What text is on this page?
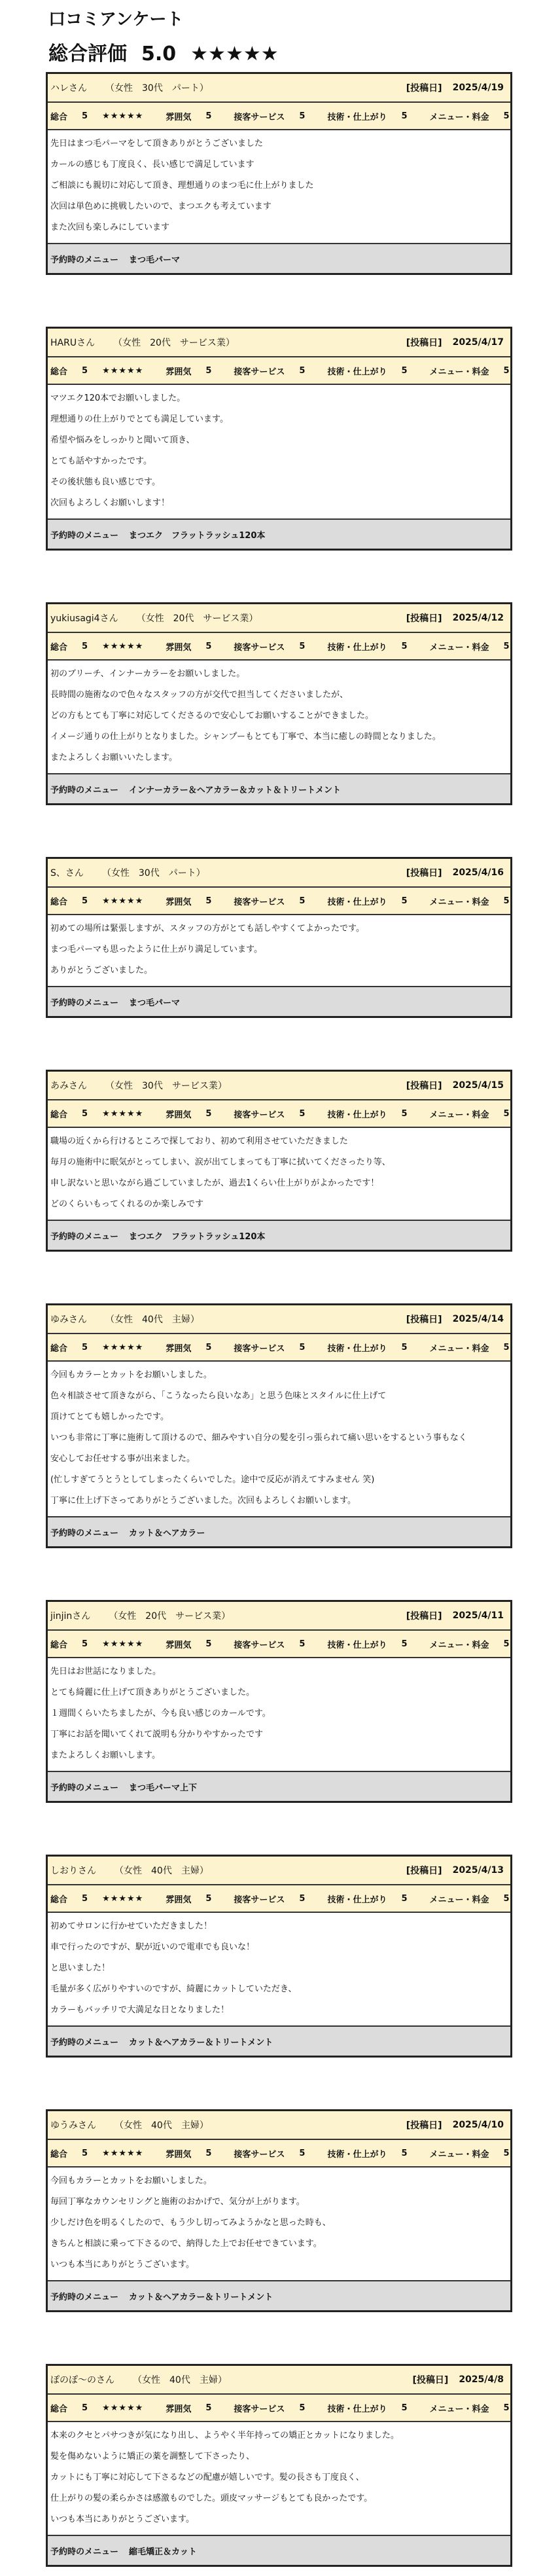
口コミアンケート
総合評価 5.0 ★★★★★
ハレさん （女性　30代　パート）	[投稿日] 2025/4/19
総合 5 ★★★★★	雰囲気 5	接客サービス 5	技術・仕上がり 5	メニュー・料金 5
先日はまつ毛パーマをして頂きありがとうございました
カールの感じも丁度良く、長い感じで満足しています
ご相談にも親切に対応して頂き、理想通りのまつ毛に仕上がりました
次回は単色めに挑戦したいので、まつエクも考えています
また次回も楽しみにしています
予約時のメニュー まつ毛パーマ
HARUさん （女性　20代　サービス業）	[投稿日] 2025/4/17
総合 5 ★★★★★	雰囲気 5	接客サービス 5	技術・仕上がり 5	メニュー・料金 5
マツエク120本でお願いしました。
理想通りの仕上がりでとても満足しています。
希望や悩みをしっかりと聞いて頂き、
とても話やすかったです。
その後状態も良い感じです。
次回もよろしくお願いします！
予約時のメニュー まつエク　フラットラッシュ120本
yukiusagi4さん （女性　20代　サービス業）	[投稿日] 2025/4/12
総合 5 ★★★★★	雰囲気 5	接客サービス 5	技術・仕上がり 5	メニュー・料金 5
初のブリーチ、インナーカラーをお願いしました。
長時間の施術なので色々なスタッフの方が交代で担当してくださいましたが、
どの方もとても丁寧に対応してくださるので安心してお願いすることができました。
イメージ通りの仕上がりとなりました。シャンプーもとても丁寧で、本当に癒しの時間となりました。
またよろしくお願いいたします。
予約時のメニュー インナーカラー＆ヘアカラー＆カット＆トリートメント
S、さん （女性　30代　パート）	[投稿日] 2025/4/16
総合 5 ★★★★★	雰囲気 5	接客サービス 5	技術・仕上がり 5	メニュー・料金 5
初めての場所は緊張しますが、スタッフの方がとても話しやすくてよかったです。
まつ毛パーマも思ったように仕上がり満足しています。
ありがとうございました。
予約時のメニュー まつ毛パーマ
あみさん （女性　30代　サービス業）	[投稿日] 2025/4/15
総合 5 ★★★★★	雰囲気 5	接客サービス 5	技術・仕上がり 5	メニュー・料金 5
職場の近くから行けるところで探しており、初めて利用させていただきました
毎月の施術中に眠気がとってしまい、涙が出てしまっても丁寧に拭いてくださったり等、
申し訳ないと思いながら過ごしていましたが、過去1くらい仕上がりがよかったです！
どのくらいもってくれるのか楽しみです
予約時のメニュー まつエク　フラットラッシュ120本
ゆみさん （女性　40代　主婦）	[投稿日] 2025/4/14
総合 5 ★★★★★	雰囲気 5	接客サービス 5	技術・仕上がり 5	メニュー・料金 5
今回もカラーとカットをお願いしました。
色々相談させて頂きながら、「こうなったら良いなあ」と思う色味とスタイルに仕上げて
頂けてとても嬉しかったです。
いつも非常に丁寧に施術して頂けるので、細みやすい自分の髪を引っ張られて痛い思いをするという事もなく
安心してお任せする事が出来ました。
(忙しすぎてうとうとしてしまったくらいでした。途中で反応が消えてすみません 笑)
丁寧に仕上げ下さってありがとうございました。次回もよろしくお願いします。
予約時のメニュー カット＆ヘアカラー
jinjinさん （女性　20代　サービス業）	[投稿日] 2025/4/11
総合 5 ★★★★★	雰囲気 5	接客サービス 5	技術・仕上がり 5	メニュー・料金 5
先日はお世話になりました。
とても綺麗に仕上げて頂きありがとうございました。
１週間くらいたちましたが、今も良い感じのカールです。
丁寧にお話を聞いてくれて説明も分かりやすかったです
またよろしくお願いします。
予約時のメニュー まつ毛パーマ上下
しおりさん （女性　40代　主婦）	[投稿日] 2025/4/13
総合 5 ★★★★★	雰囲気 5	接客サービス 5	技術・仕上がり 5	メニュー・料金 5
初めてサロンに行かせていただきました！
車で行ったのですが、駅が近いので電車でも良いな！
と思いました！
毛量が多く広がりやすいのですが、綺麗にカットしていただき、
カラーもバッチリで大満足な日となりました！
予約時のメニュー カット＆ヘアカラー＆トリートメント
ゆうみさん （女性　40代　主婦）	[投稿日] 2025/4/10
総合 5 ★★★★★	雰囲気 5	接客サービス 5	技術・仕上がり 5	メニュー・料金 5
今回もカラーとカットをお願いしました。
毎回丁寧なカウンセリングと施術のおかげで、気分が上がります。
少しだけ色を明るくしたので、もう少し切ってみようかなと思った時も、
きちんと相談に乗って下さるので、納得した上でお任せできています。
いつも本当にありがとうございます。
予約時のメニュー カット＆ヘアカラー＆トリートメント
ぽのぽ～のさん （女性　40代　主婦）	[投稿日] 2025/4/8
総合 5 ★★★★★	雰囲気 5	接客サービス 5	技術・仕上がり 5	メニュー・料金 5
本来のクセとパサつきが気になり出し、ようやく半年持っての矯正とカットになりました。
髪を傷めないように矯正の薬を調整して下さったり、
カットにも丁寧に対応して下さるなどの配慮が嬉しいです。髪の長さも丁度良く、
仕上がりの髪の柔らかさは感激ものでした。頭皮マッサージもとても良かったです。
いつも本当にありがとうございます。
予約時のメニュー 縮毛矯正＆カット
